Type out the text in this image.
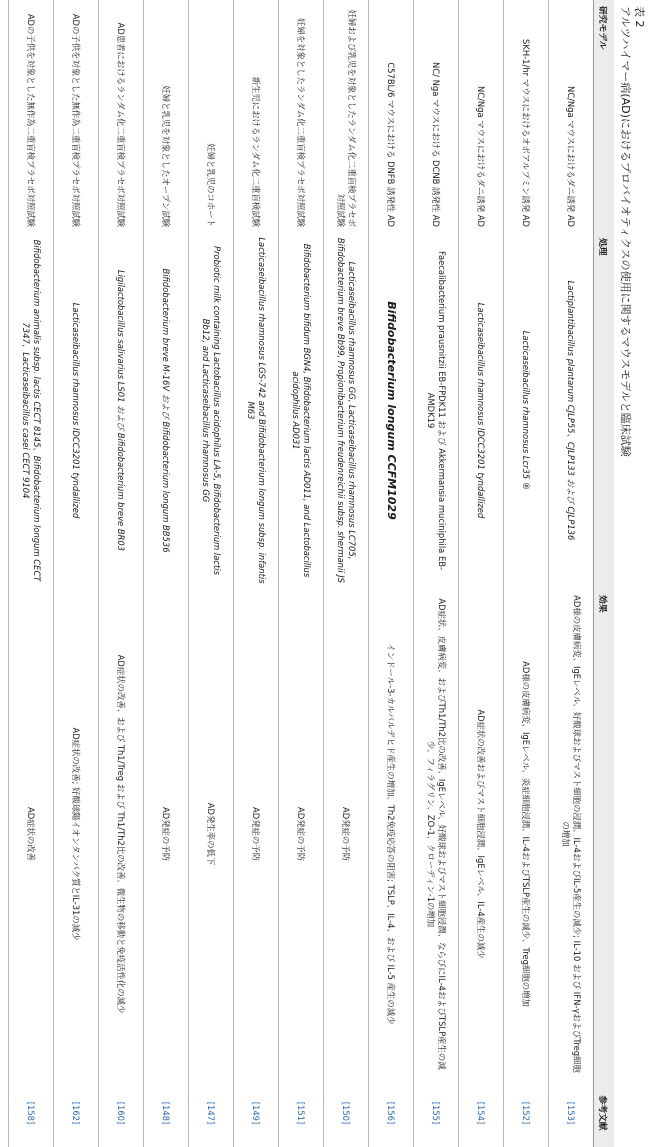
表 2
アルツハイマー病(AD)におけるプロバイオティクスの使用に関するマウスモデルと臨床試験
研究モデル	処理	効果	参考文献
NC/Nga マウスにおけるダニ誘発 AD	Lactiplantibacillus plantarum CJLP55、CJLP133 および CJLP136	AD様の皮膚病変、IgEレベル、好酸球およびマスト細胞の浸潤、IL-4およびIL-5産生の減少; IL-10 および IFN-γおよびTreg細胞の増加	[153]
SKH-1/hr マウスにおけるオボアルブミン誘発 AD	Lacticaseibacillus rhamnosus Lcr35 ®	AD様の皮膚病変、IgEレベル、炎症細胞浸潤、IL-4およびTSLP産生の減少、Treg細胞の増加	[152]
NC/Nga マウスにおけるダニ誘発 AD	Lacticaseibacillus rhamnosus IDCC3201 tyndallized	AD症状の改善およびマスト細胞浸潤、IgEレベル、IL-4産生の減少	[154]
NC/ Nga マウスにおける DCNB 誘発性 AD	Faecalibacterium prausnitzii EB-FPDK11 および Akkermansia muciniphila EB-AMDK19	AD症状、皮膚病変、およびTh1/Th2比の改善、IgEレベル、好酸球およびマスト細胞浸潤、ならびにIL-4およびTSLP産生の減少、フィラグリン、ZO-1、クローディン-1の増加	[155]
C57BL/6 マウスにおける DNFB 誘発性 AD	Bifidobacterium longum CCFM1029	インドール-3-カルバルデヒド産生の増加、Th2免疫応答の阻害; TSLP、IL-4、および IL-5 産生の減少	[156]
妊婦および乳児を対象としたランダム化二重盲検プラセボ対照試験	Lacticaseibacillus rhamnosus GG, Lacticaseibacillus rhamnosus LC705, Bifidobacterium breve Bb99, Propionibacterium freudenreichii subsp. shermanii JS	AD発症の予防	[150]
妊婦を対象としたランダム化二重盲検プラセボ対照試験	Bifidobacterium bifidum BGN4, Bifidobacterium lactis AD011, and Lactobacillus acidophilus AD031	AD発症の予防	[151]
新生児におけるランダム化二重盲検試験	Lacticaseibacillus rhamnosus LGS-742 and Bifidobacterium longum subsp. infantis M63	AD発症の予防	[149]
妊婦と乳児のコホート	Probiotic milk containing Lactobacillus acidophilus LA-5, Bifidobacterium lactis Bb12, and Lacticaseibacillus rhamnosus GG	AD発生率の低下	[147]
妊婦と乳児を対象としたオープン試験	Bifidobacterium breve M-16V および Bifidobacterium longum BB536	AD発症の予防	[148]
AD患者におけるランダム化二重盲検プラセボ対照試験	Ligilactobacillus salivarius LS01 および Bifidobacterium breve BR03	AD症状の改善、および Th1/Treg および Th1/Th2比の改善、微生物の移動と免疫活性化の減少	[160]
ADの子供を対象とした無作為二重盲検プラセボ対照試験	Lacticaseibacillus rhamnosus IDCC3201 tyndallized	AD症状の改善; 好酸球陽イオンタンパク質とIL-31の減少	[162]
ADの子供を対象とした無作為二重盲検プラセボ対照試験	Bifidobacterium animalis subsp. lactis CECT 8145、Bifidobacterium longum CECT 7347、Lacticaseibacillus casei CECT 9104	AD症状の改善	[158]
